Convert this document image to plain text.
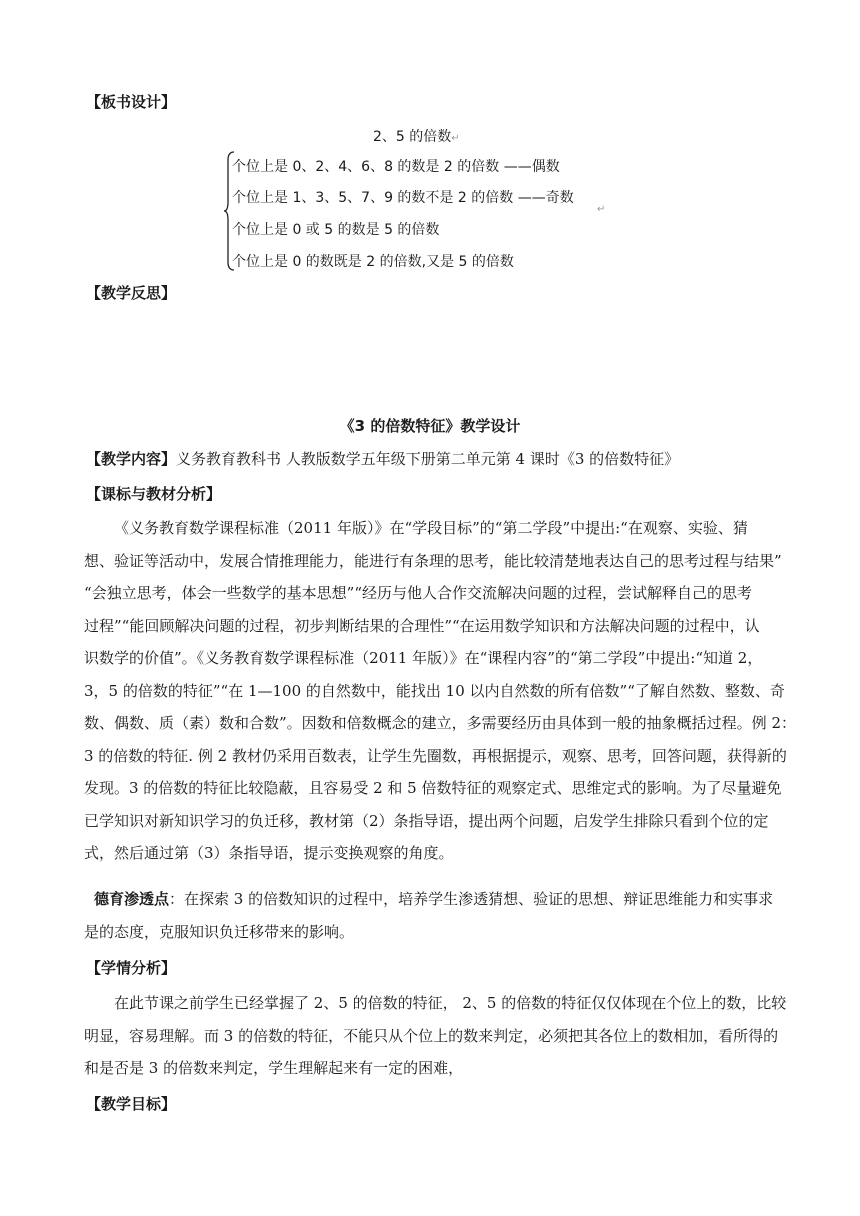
【板书设计】
2、5 的倍数↵
个位上是 0、2、4、6、8 的数是 2 的倍数 ——偶数
个位上是 1、3、5、7、9 的数不是 2 的倍数 ——奇数
↵
个位上是 0 或 5 的数是 5 的倍数
个位上是 0 的数既是 2 的倍数,又是 5 的倍数
【教学反思】
《3 的倍数特征》教学设计
【教学内容】义务教育教科书 人教版数学五年级下册第二单元第 4 课时《3 的倍数特征》
【课标与教材分析】
《义务教育数学课程标准（2011 年版）》在“学段目标”的“第二学段”中提出:“在观察、实验、猜
想、验证等活动中，发展合情推理能力，能进行有条理的思考，能比较清楚地表达自己的思考过程与结果”
“会独立思考，体会一些数学的基本思想”“经历与他人合作交流解决问题的过程，尝试解释自己的思考
过程”“能回顾解决问题的过程，初步判断结果的合理性”“在运用数学知识和方法解决问题的过程中，认
识数学的价值”。《义务教育数学课程标准（2011 年版）》在“课程内容”的“第二学段”中提出:“知道 2，
3，5 的倍数的特征”“在 1—100 的自然数中，能找出 10 以内自然数的所有倍数”“了解自然数、整数、奇
数、偶数、质（素）数和合数”。因数和倍数概念的建立，多需要经历由具体到一般的抽象概括过程。例 2：
3 的倍数的特征. 例 2 教材仍采用百数表，让学生先圈数，再根据提示，观察、思考，回答问题，获得新的
发现。3 的倍数的特征比较隐蔽，且容易受 2 和 5 倍数特征的观察定式、思维定式的影响。为了尽量避免
已学知识对新知识学习的负迁移，教材第（2）条指导语，提出两个问题，启发学生排除只看到个位的定
式，然后通过第（3）条指导语，提示变换观察的角度。
德育渗透点：在探索 3 的倍数知识的过程中，培养学生渗透猜想、验证的思想、辩证思维能力和实事求
是的态度，克服知识负迁移带来的影响。
【学情分析】
在此节课之前学生已经掌握了 2、5 的倍数的特征， 2、5 的倍数的特征仅仅体现在个位上的数，比较
明显，容易理解。而 3 的倍数的特征，不能只从个位上的数来判定，必须把其各位上的数相加，看所得的
和是否是 3 的倍数来判定，学生理解起来有一定的困难，
【教学目标】
